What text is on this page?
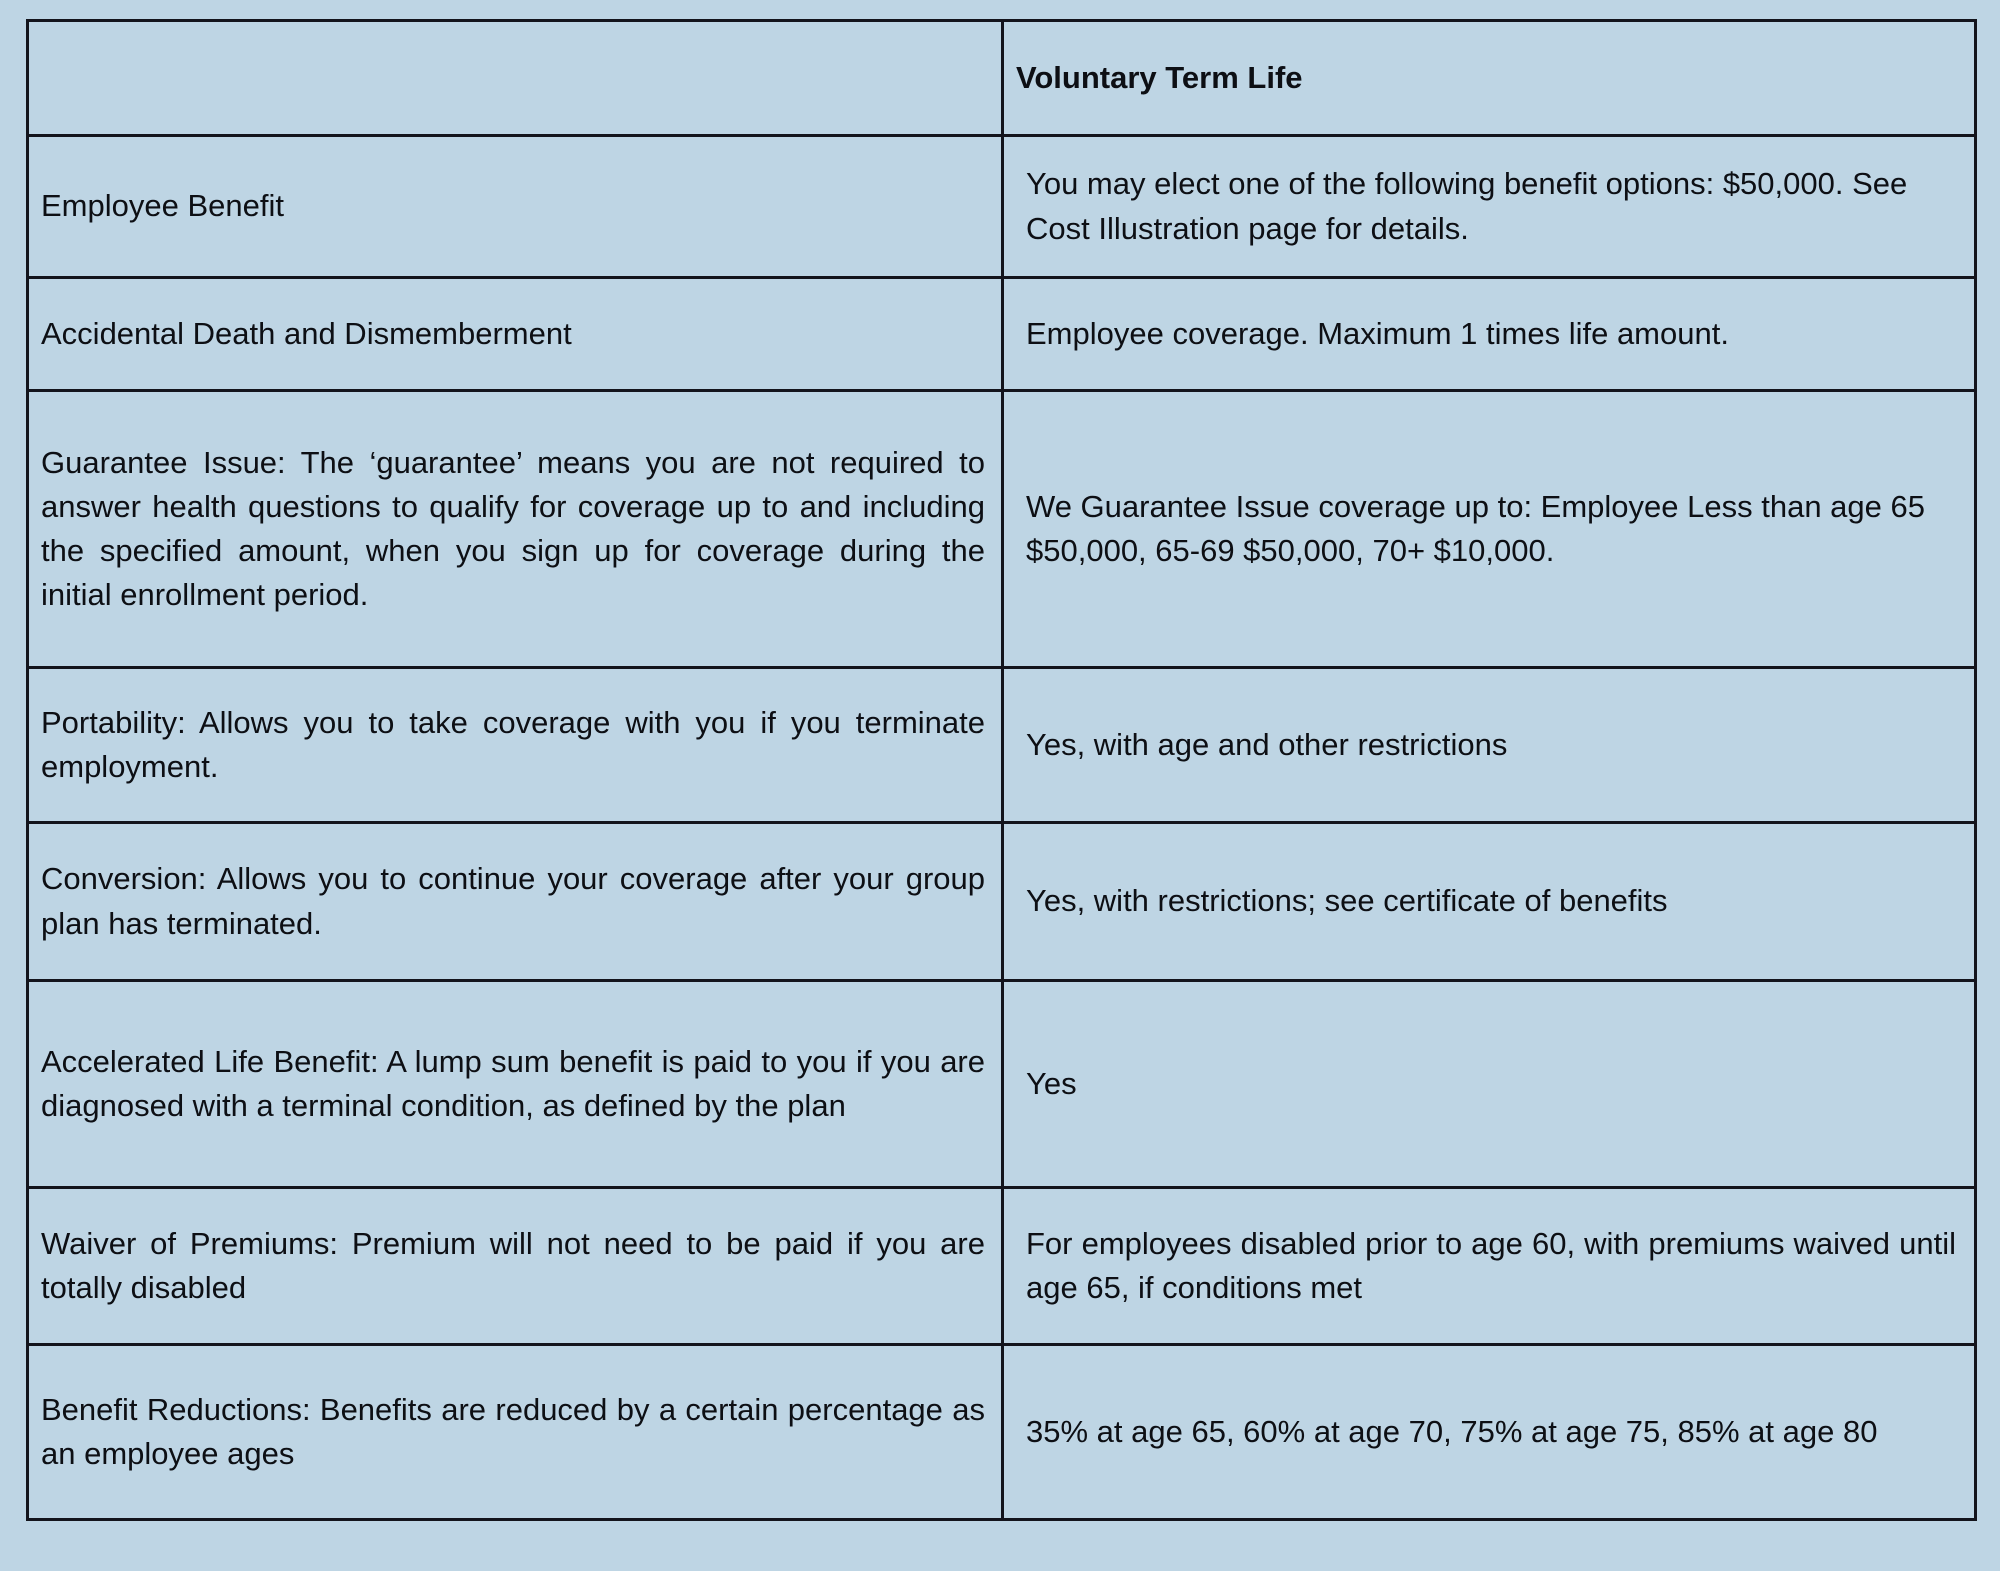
	Voluntary Term Life

Employee Benefit	You may elect one of the following benefit options: $50,000. See Cost Illustration page for details.

Accidental Death and Dismemberment	Employee coverage. Maximum 1 times life amount.

Guarantee Issue: The ‘guarantee’ means you are not required to answer health questions to qualify for coverage up to and including the specified amount, when you sign up for coverage during the initial enrollment period.	We Guarantee Issue coverage up to: Employee Less than age 65 $50,000, 65-69 $50,000, 70+ $10,000.

Portability: Allows you to take coverage with you if you terminate employment.	Yes, with age and other restrictions

Conversion: Allows you to continue your coverage after your group plan has terminated.	Yes, with restrictions; see certificate of benefits

Accelerated Life Benefit: A lump sum benefit is paid to you if you are diagnosed with a terminal condition, as defined by the plan	Yes

Waiver of Premiums: Premium will not need to be paid if you are totally disabled	For employees disabled prior to age 60, with premiums waived until age 65, if conditions met

Benefit Reductions: Benefits are reduced by a certain percentage as an employee ages	35% at age 65, 60% at age 70, 75% at age 75, 85% at age 80
